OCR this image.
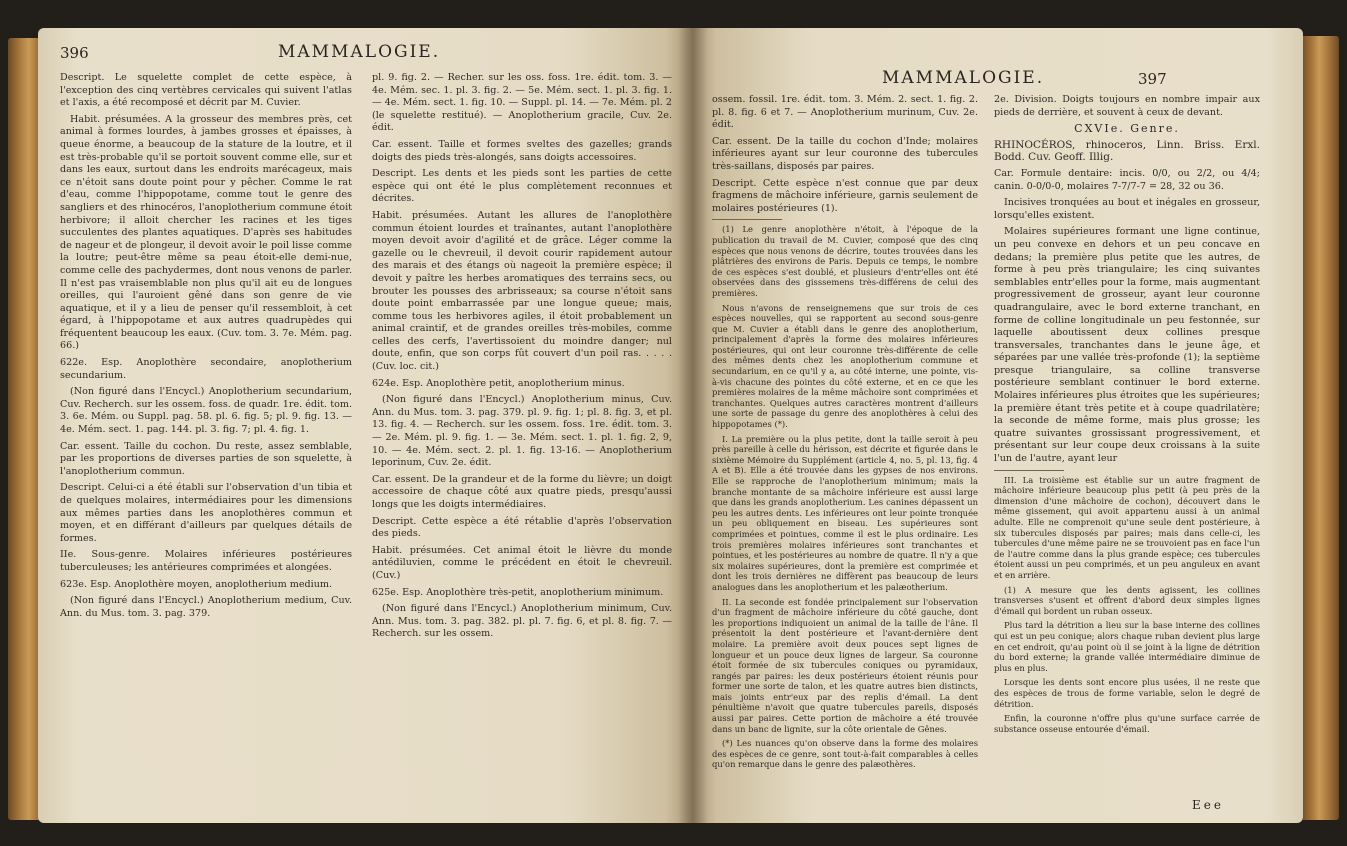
396	MAMMALOGIE.

Descript. Le squelette complet de cette espèce, à l'exception des cinq vertèbres cervicales qui suivent l'atlas et l'axis, a été recomposé et décrit par M. Cuvier.

Habit. présumées. A la grosseur des membres près, cet animal à formes lourdes, à jambes grosses et épaisses, à queue énorme, a beaucoup de la stature de la loutre, et il est très-probable qu'il se portoit souvent comme elle, sur et dans les eaux, surtout dans les endroits marécageux, mais ce n'étoit sans doute point pour y pêcher. Comme le rat d'eau, comme l'hippopotame, comme tout le genre des sangliers et des rhinocéros, l'anoplotherium commune étoit herbivore; il alloit chercher les racines et les tiges succulentes des plantes aquatiques. D'après ses habitudes de nageur et de plongeur, il devoit avoir le poil lisse comme la loutre; peut-être même sa peau étoit-elle demi-nue, comme celle des pachydermes, dont nous venons de parler. Il n'est pas vraisemblable non plus qu'il ait eu de longues oreilles, qui l'auroient gêné dans son genre de vie aquatique, et il y a lieu de penser qu'il ressembloit, à cet égard, à l'hippopotame et aux autres quadrupèdes qui fréquentent beaucoup les eaux. (Cuv. tom. 3. 7e. Mém. pag. 66.)

622e. Esp. Anoplothère secondaire, anoplotherium secundarium.

(Non figuré dans l'Encycl.) Anoplotherium secundarium, Cuv. Recherch. sur les ossem. foss. de quadr. 1re. édit. tom. 3. 6e. Mém. ou Suppl. pag. 58. pl. 6. fig. 5; pl. 9. fig. 13. — 4e. Mém. sect. 1. pag. 144. pl. 3. fig. 7; pl. 4. fig. 1.

Car. essent. Taille du cochon. Du reste, assez semblable, par les proportions de diverses parties de son squelette, à l'anoplotherium commun.

Descript. Celui-ci a été établi sur l'observation d'un tibia et de quelques molaires, intermédiaires pour les dimensions aux mêmes parties dans les anoplothères commun et moyen, et en différant d'ailleurs par quelques détails de formes.

IIe. Sous-genre. Molaires inférieures postérieures tuberculeuses; les antérieures comprimées et alongées.

623e. Esp. Anoplothère moyen, anoplotherium medium.

(Non figuré dans l'Encycl.) Anoplotherium medium, Cuv. Ann. du Mus. tom. 3. pag. 379.

pl. 9. fig. 2. — Recher. sur les oss. foss. 1re. édit. tom. 3. — 4e. Mém. sec. 1. pl. 3. fig. 2. — 5e. Mém. sect. 1. pl. 3. fig. 1. — 4e. Mém. sect. 1. fig. 10. — Suppl. pl. 14. — 7e. Mém. pl. 2 (le squelette restitué). — Anoplotherium gracile, Cuv. 2e. édit.

Car. essent. Taille et formes sveltes des gazelles; grands doigts des pieds très-alongés, sans doigts accessoires.

Descript. Les dents et les pieds sont les parties de cette espèce qui ont été le plus complètement reconnues et décrites.

Habit. présumées. Autant les allures de l'anoplothère commun étoient lourdes et traînantes, autant l'anoplothère moyen devoit avoir d'agilité et de grâce. Léger comme la gazelle ou le chevreuil, il devoit courir rapidement autour des marais et des étangs où nageoit la première espèce; il devoit y paître les herbes aromatiques des terrains secs, ou brouter les pousses des arbrisseaux; sa course n'étoit sans doute point embarrassée par une longue queue; mais, comme tous les herbivores agiles, il étoit probablement un animal craintif, et de grandes oreilles très-mobiles, comme celles des cerfs, l'avertissoient du moindre danger; nul doute, enfin, que son corps fût couvert d'un poil ras. . . . . (Cuv. loc. cit.)

624e. Esp. Anoplothère petit, anoplotherium minus.

(Non figuré dans l'Encycl.) Anoplotherium minus, Cuv. Ann. du Mus. tom. 3. pag. 379. pl. 9. fig. 1; pl. 8. fig. 3, et pl. 13. fig. 4. — Recherch. sur les ossem. foss. 1re. édit. tom. 3. — 2e. Mém. pl. 9. fig. 1. — 3e. Mém. sect. 1. pl. 1. fig. 2, 9, 10. — 4e. Mém. sect. 2. pl. 1. fig. 13-16. — Anoplotherium leporinum, Cuv. 2e. édit.

Car. essent. De la grandeur et de la forme du lièvre; un doigt accessoire de chaque côté aux quatre pieds, presqu'aussi longs que les doigts intermédiaires.

Descript. Cette espèce a été rétablie d'après l'observation des pieds.

Habit. présumées. Cet animal étoit le lièvre du monde antédiluvien, comme le précédent en étoit le chevreuil. (Cuv.)

625e. Esp. Anoplothère très-petit, anoplotherium minimum.

(Non figuré dans l'Encycl.) Anoplotherium minimum, Cuv. Ann. Mus. tom. 3. pag. 382. pl. pl. 7. fig. 6, et pl. 8. fig. 7. — Recherch. sur les ossem.

MAMMALOGIE.	397

ossem. fossil. 1re. édit. tom. 3. Mém. 2. sect. 1. fig. 2. pl. 8. fig. 6 et 7. — Anoplotherium murinum, Cuv. 2e. édit.

Car. essent. De la taille du cochon d'Inde; molaires inférieures ayant sur leur couronne des tubercules très-saillans, disposés par paires.

Descript. Cette espèce n'est connue que par deux fragmens de mâchoire inférieure, garnis seulement de molaires postérieures (1).

(1) Le genre anoplothère n'étoit, à l'époque de la publication du travail de M. Cuvier, composé que des cinq espèces que nous venons de décrire, toutes trouvées dans les plâtrières des environs de Paris. Depuis ce temps, le nombre de ces espèces s'est doublé, et plusieurs d'entr'elles ont été observées dans des gisssemens très-différens de celui des premières.

Nous n'avons de renseignemens que sur trois de ces espèces nouvelles, qui se rapportent au second sous-genre que M. Cuvier a établi dans le genre des anoplotherium, principalement d'après la forme des molaires inférieures postérieures, qui ont leur couronne très-différente de celle des mêmes dents chez les anoplotherium commune et secundarium, en ce qu'il y a, au côté interne, une pointe, vis-à-vis chacune des pointes du côté externe, et en ce que les premières molaires de la même mâchoire sont comprimées et tranchantes. Quelques autres caractères montrent d'ailleurs une sorte de passage du genre des anoplothères à celui des hippopotames (*).

I. La première ou la plus petite, dont la taille seroit à peu près pareille à celle du hérisson, est décrite et figurée dans le sixième Mémoire du Supplément (article 4, no. 5, pl. 13, fig. 4 A et B). Elle a été trouvée dans les gypses de nos environs. Elle se rapproche de l'anoplotherium minimum; mais la branche montante de sa mâchoire inférieure est aussi large que dans les grands anoplotherium. Les canines dépassent un peu les autres dents. Les inférieures ont leur pointe tronquée un peu obliquement en biseau. Les supérieures sont comprimées et pointues, comme il est le plus ordinaire. Les trois premières molaires inférieures sont tranchantes et pointues, et les postérieures au nombre de quatre. Il n'y a que six molaires supérieures, dont la première est comprimée et dont les trois dernières ne diffèrent pas beaucoup de leurs analogues dans les anoplotherium et les palæotherium.

II. La seconde est fondée principalement sur l'observation d'un fragment de mâchoire inférieure du côté gauche, dont les proportions indiquoient un animal de la taille de l'âne. Il présentoit la dent postérieure et l'avant-dernière dent molaire. La première avoit deux pouces sept lignes de longueur et un pouce deux lignes de largeur. Sa couronne étoit formée de six tubercules coniques ou pyramidaux, rangés par paires: les deux postérieurs étoient réunis pour former une sorte de talon, et les quatre autres bien distincts, mais joints entr'eux par des replis d'émail. La dent pénultième n'avoit que quatre tubercules pareils, disposés aussi par paires. Cette portion de mâchoire a été trouvée dans un banc de lignite, sur la côte orientale de Gênes.

(*) Les nuances qu'on observe dans la forme des molaires des espèces de ce genre, sont tout-à-fait comparables à celles qu'on remarque dans le genre des palæothères.

2e. Division. Doigts toujours en nombre impair aux pieds de derrière, et souvent à ceux de devant.

CXVIe. Genre.

RHINOCÉROS, rhinoceros, Linn. Briss. Erxl. Bodd. Cuv. Geoff. Illig.

Car. Formule dentaire: incis. 0/0, ou 2/2, ou 4/4; canin. 0-0/0-0, molaires 7-7/7-7 = 28, 32 ou 36.

Incisives tronquées au bout et inégales en grosseur, lorsqu'elles existent.

Molaires supérieures formant une ligne continue, un peu convexe en dehors et un peu concave en dedans; la première plus petite que les autres, de forme à peu près triangulaire; les cinq suivantes semblables entr'elles pour la forme, mais augmentant progressivement de grosseur, ayant leur couronne quadrangulaire, avec le bord externe tranchant, en forme de colline longitudinale un peu festonnée, sur laquelle aboutissent deux collines presque transversales, tranchantes dans le jeune âge, et séparées par une vallée très-profonde (1); la septième presque triangulaire, sa colline transverse postérieure semblant continuer le bord externe. Molaires inférieures plus étroites que les supérieures; la première étant très petite et à coupe quadrilatère; la seconde de même forme, mais plus grosse; les quatre suivantes grossissant progressivement, et présentant sur leur coupe deux croissans à la suite l'un de l'autre, ayant leur

III. La troisième est établie sur un autre fragment de mâchoire inférieure beaucoup plus petit (à peu près de la dimension d'une mâchoire de cochon), découvert dans le même gissement, qui avoit appartenu aussi à un animal adulte. Elle ne comprenoit qu'une seule dent postérieure, à six tubercules disposés par paires; mais dans celle-ci, les tubercules d'une même paire ne se trouvoient pas en face l'un de l'autre comme dans la plus grande espèce; ces tubercules étoient aussi un peu comprimés, et un peu anguleux en avant et en arrière.

(1) A mesure que les dents agissent, les collines transverses s'usent et offrent d'abord deux simples lignes d'émail qui bordent un ruban osseux.

Plus tard la détrition a lieu sur la base interne des collines qui est un peu conique; alors chaque ruban devient plus large en cet endroit, qu'au point où il se joint à la ligne de détrition du bord externe; la grande vallée intermédiaire diminue de plus en plus.

Lorsque les dents sont encore plus usées, il ne reste que des espèces de trous de forme variable, selon le degré de détrition.

Enfin, la couronne n'offre plus qu'une surface carrée de substance osseuse entourée d'émail.

Eee
